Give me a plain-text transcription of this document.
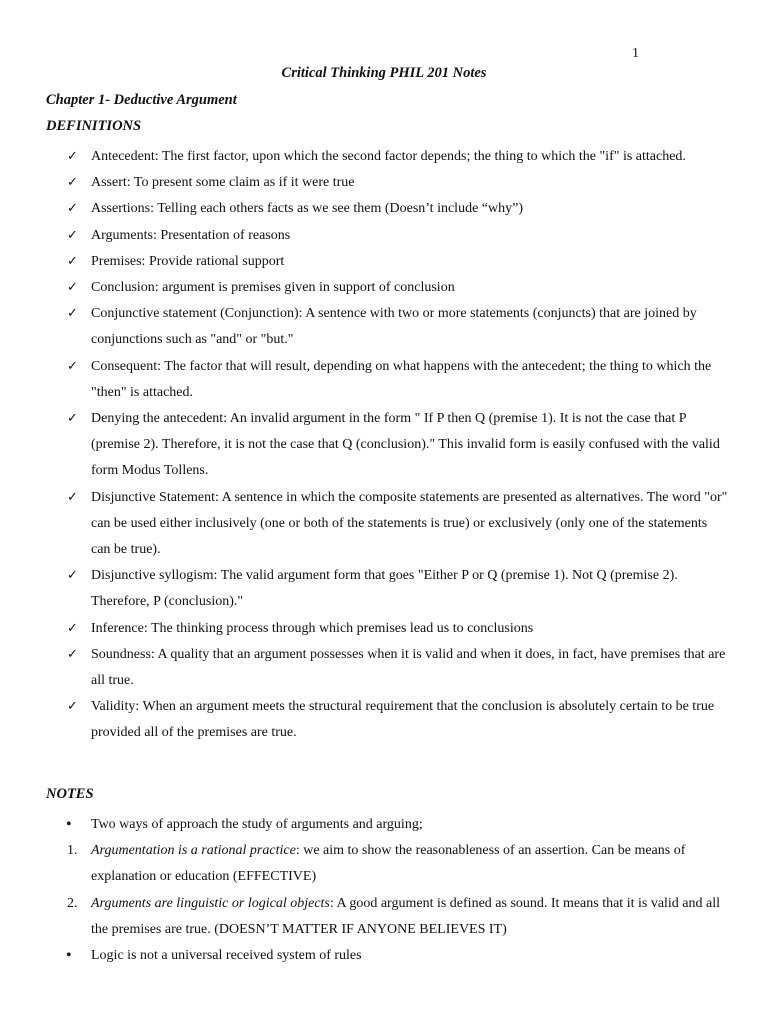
1
Critical Thinking PHIL 201 Notes
Chapter 1- Deductive Argument
DEFINITIONS
✓ Antecedent: The first factor, upon which the second factor depends; the thing to which the "if" is attached.
✓ Assert: To present some claim as if it were true
✓ Assertions: Telling each others facts as we see them (Doesn’t include “why”)
✓ Arguments: Presentation of reasons
✓ Premises: Provide rational support
✓ Conclusion: argument is premises given in support of conclusion
✓ Conjunctive statement (Conjunction): A sentence with two or more statements (conjuncts) that are joined by conjunctions such as "and" or "but."
✓ Consequent: The factor that will result, depending on what happens with the antecedent; the thing to which the "then" is attached.
✓ Denying the antecedent: An invalid argument in the form " If P then Q (premise 1). It is not the case that P (premise 2). Therefore, it is not the case that Q (conclusion)." This invalid form is easily confused with the valid form Modus Tollens.
✓ Disjunctive Statement: A sentence in which the composite statements are presented as alternatives. The word "or" can be used either inclusively (one or both of the statements is true) or exclusively (only one of the statements can be true).
✓ Disjunctive syllogism: The valid argument form that goes "Either P or Q (premise 1). Not Q (premise 2). Therefore, P (conclusion)."
✓ Inference: The thinking process through which premises lead us to conclusions
✓ Soundness: A quality that an argument possesses when it is valid and when it does, in fact, have premises that are all true.
✓ Validity: When an argument meets the structural requirement that the conclusion is absolutely certain to be true provided all of the premises are true.
NOTES
• Two ways of approach the study of arguments and arguing;
1. Argumentation is a rational practice: we aim to show the reasonableness of an assertion. Can be means of explanation or education (EFFECTIVE)
2. Arguments are linguistic or logical objects: A good argument is defined as sound. It means that it is valid and all the premises are true. (DOESN’T MATTER IF ANYONE BELIEVES IT)
• Logic is not a universal received system of rules
